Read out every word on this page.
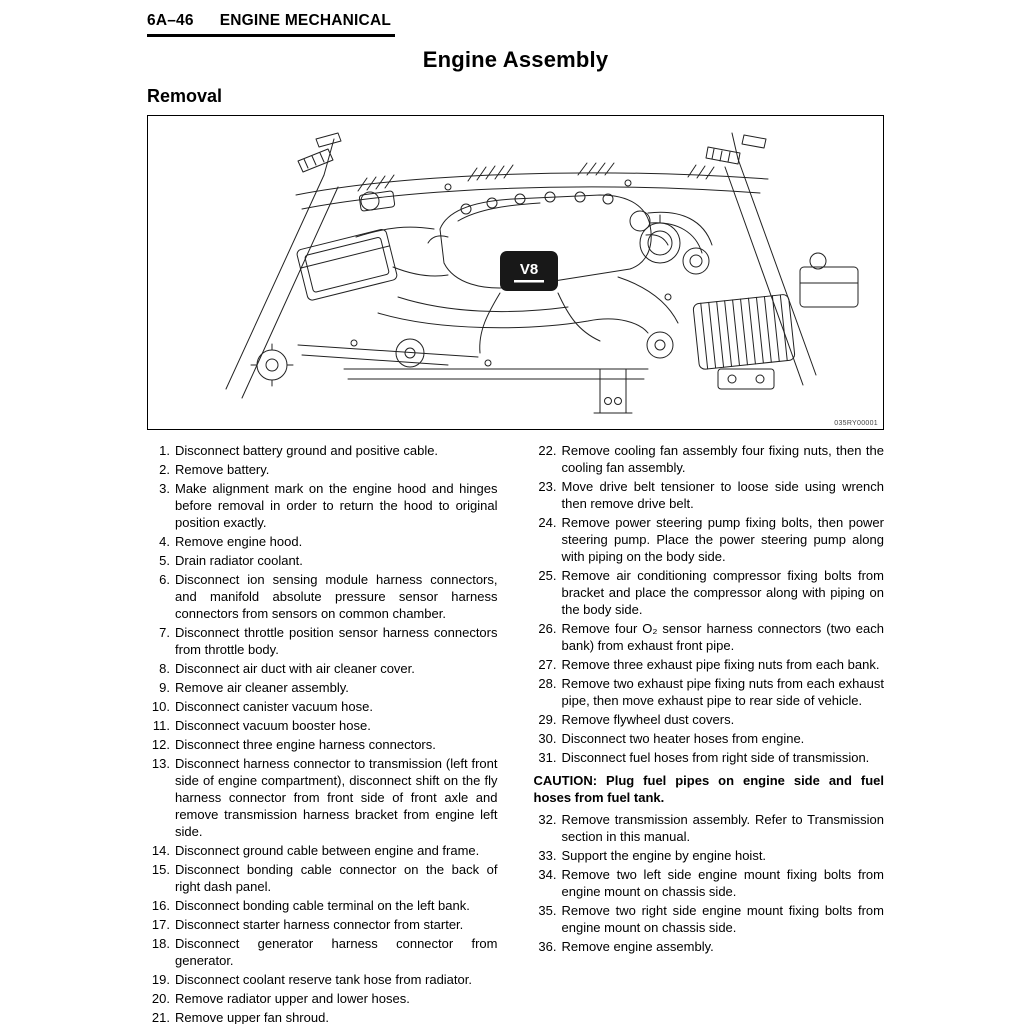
6A–46 ENGINE MECHANICAL
Engine Assembly
Removal
V8
035RY00001
1. Disconnect battery ground and positive cable.
2. Remove battery.
3. Make alignment mark on the engine hood and hinges before removal in order to return the hood to original position exactly.
4. Remove engine hood.
5. Drain radiator coolant.
6. Disconnect ion sensing module harness connectors, and manifold absolute pressure sensor harness connectors from sensors on common chamber.
7. Disconnect throttle position sensor harness connectors from throttle body.
8. Disconnect air duct with air cleaner cover.
9. Remove air cleaner assembly.
10. Disconnect canister vacuum hose.
11. Disconnect vacuum booster hose.
12. Disconnect three engine harness connectors.
13. Disconnect harness connector to transmission (left front side of engine compartment), disconnect shift on the fly harness connector from front side of front axle and remove transmission harness bracket from engine left side.
14. Disconnect ground cable between engine and frame.
15. Disconnect bonding cable connector on the back of right dash panel.
16. Disconnect bonding cable terminal on the left bank.
17. Disconnect starter harness connector from starter.
18. Disconnect generator harness connector from generator.
19. Disconnect coolant reserve tank hose from radiator.
20. Remove radiator upper and lower hoses.
21. Remove upper fan shroud.
22. Remove cooling fan assembly four fixing nuts, then the cooling fan assembly.
23. Move drive belt tensioner to loose side using wrench then remove drive belt.
24. Remove power steering pump fixing bolts, then power steering pump. Place the power steering pump along with piping on the body side.
25. Remove air conditioning compressor fixing bolts from bracket and place the compressor along with piping on the body side.
26. Remove four O₂ sensor harness connectors (two each bank) from exhaust front pipe.
27. Remove three exhaust pipe fixing nuts from each bank.
28. Remove two exhaust pipe fixing nuts from each exhaust pipe, then move exhaust pipe to rear side of vehicle.
29. Remove flywheel dust covers.
30. Disconnect two heater hoses from engine.
31. Disconnect fuel hoses from right side of transmission.

CAUTION: Plug fuel pipes on engine side and fuel hoses from fuel tank.

32. Remove transmission assembly. Refer to Transmission section in this manual.
33. Support the engine by engine hoist.
34. Remove two left side engine mount fixing bolts from engine mount on chassis side.
35. Remove two right side engine mount fixing bolts from engine mount on chassis side.
36. Remove engine assembly.
